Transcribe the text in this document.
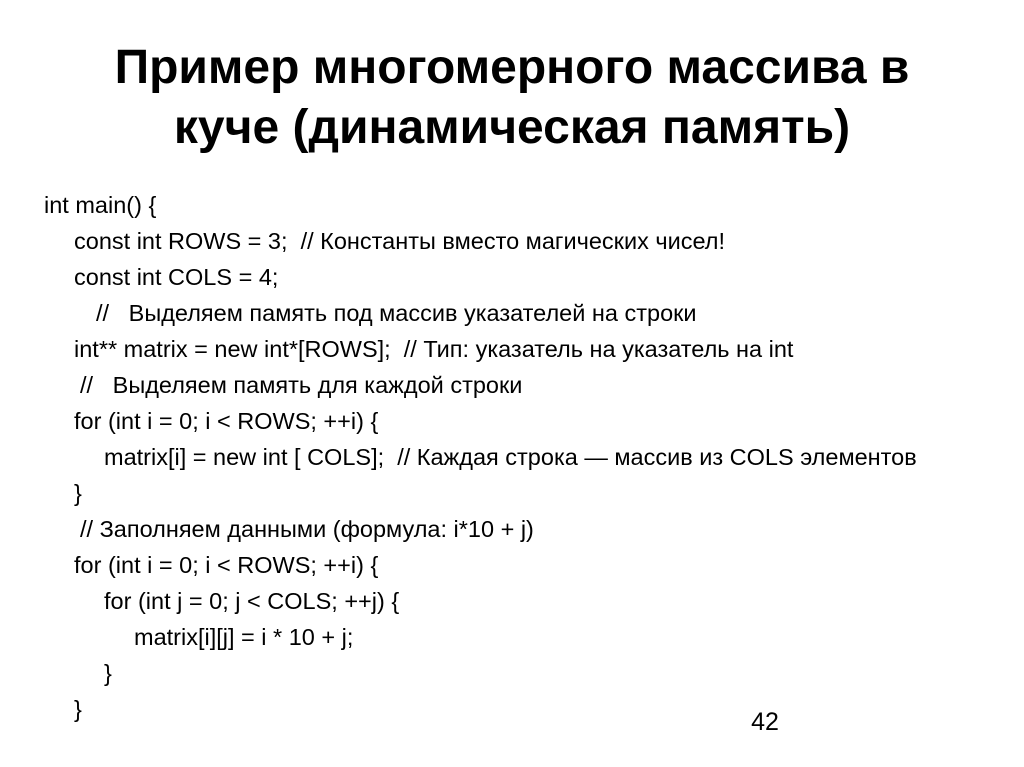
Пример многомерного массива в
куче (динамическая память)
int main() {
const int ROWS = 3;  // Константы вместо магических чисел!
const int COLS = 4;
//   Выделяем память под массив указателей на строки
int** matrix = new int*[ROWS];  // Тип: указатель на указатель на int
//   Выделяем память для каждой строки
for (int i = 0; i < ROWS; ++i) {
matrix[i] = new int [ COLS];  // Каждая строка — массив из COLS элементов
}
// Заполняем данными (формула: i*10 + j)
for (int i = 0; i < ROWS; ++i) {
for (int j = 0; j < COLS; ++j) {
matrix[i][j] = i * 10 + j;
}
}	42
